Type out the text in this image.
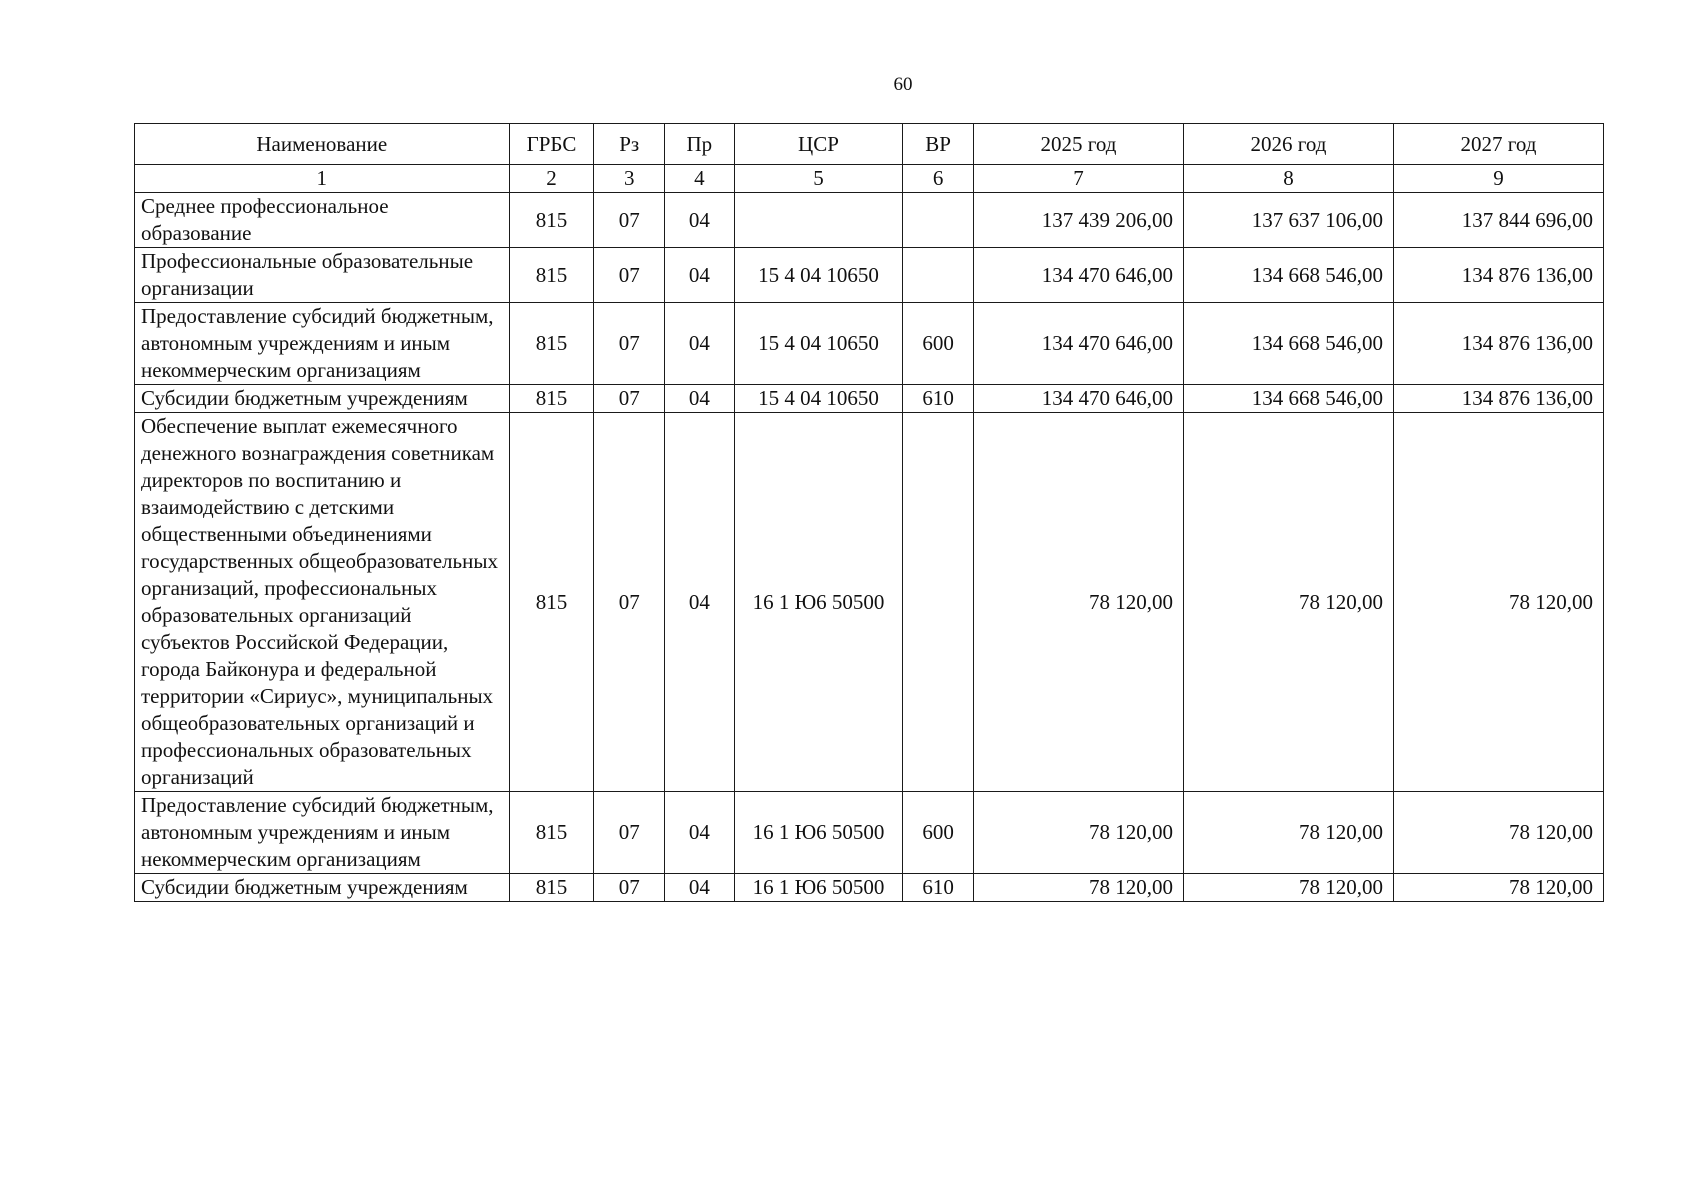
60
Наименование	ГРБС	Рз	Пр	ЦСР	ВР	2025 год	2026 год	2027 год
1	2	3	4	5	6	7	8	9
Среднее профессиональное образование	815	07	04			137 439 206,00	137 637 106,00	137 844 696,00
Профессиональные образовательные организации	815	07	04	15 4 04 10650		134 470 646,00	134 668 546,00	134 876 136,00
Предоставление субсидий бюджетным, автономным учреждениям и иным некоммерческим организациям	815	07	04	15 4 04 10650	600	134 470 646,00	134 668 546,00	134 876 136,00
Субсидии бюджетным учреждениям	815	07	04	15 4 04 10650	610	134 470 646,00	134 668 546,00	134 876 136,00
Обеспечение выплат ежемесячного денежного вознаграждения советникам директоров по воспитанию и взаимодействию с детскими общественными объединениями государственных общеобразовательных организаций, профессиональных образовательных организаций субъектов Российской Федерации, города Байконура и федеральной территории «Сириус», муниципальных общеобразовательных организаций и профессиональных образовательных организаций	815	07	04	16 1 Ю6 50500		78 120,00	78 120,00	78 120,00
Предоставление субсидий бюджетным, автономным учреждениям и иным некоммерческим организациям	815	07	04	16 1 Ю6 50500	600	78 120,00	78 120,00	78 120,00
Субсидии бюджетным учреждениям	815	07	04	16 1 Ю6 50500	610	78 120,00	78 120,00	78 120,00
